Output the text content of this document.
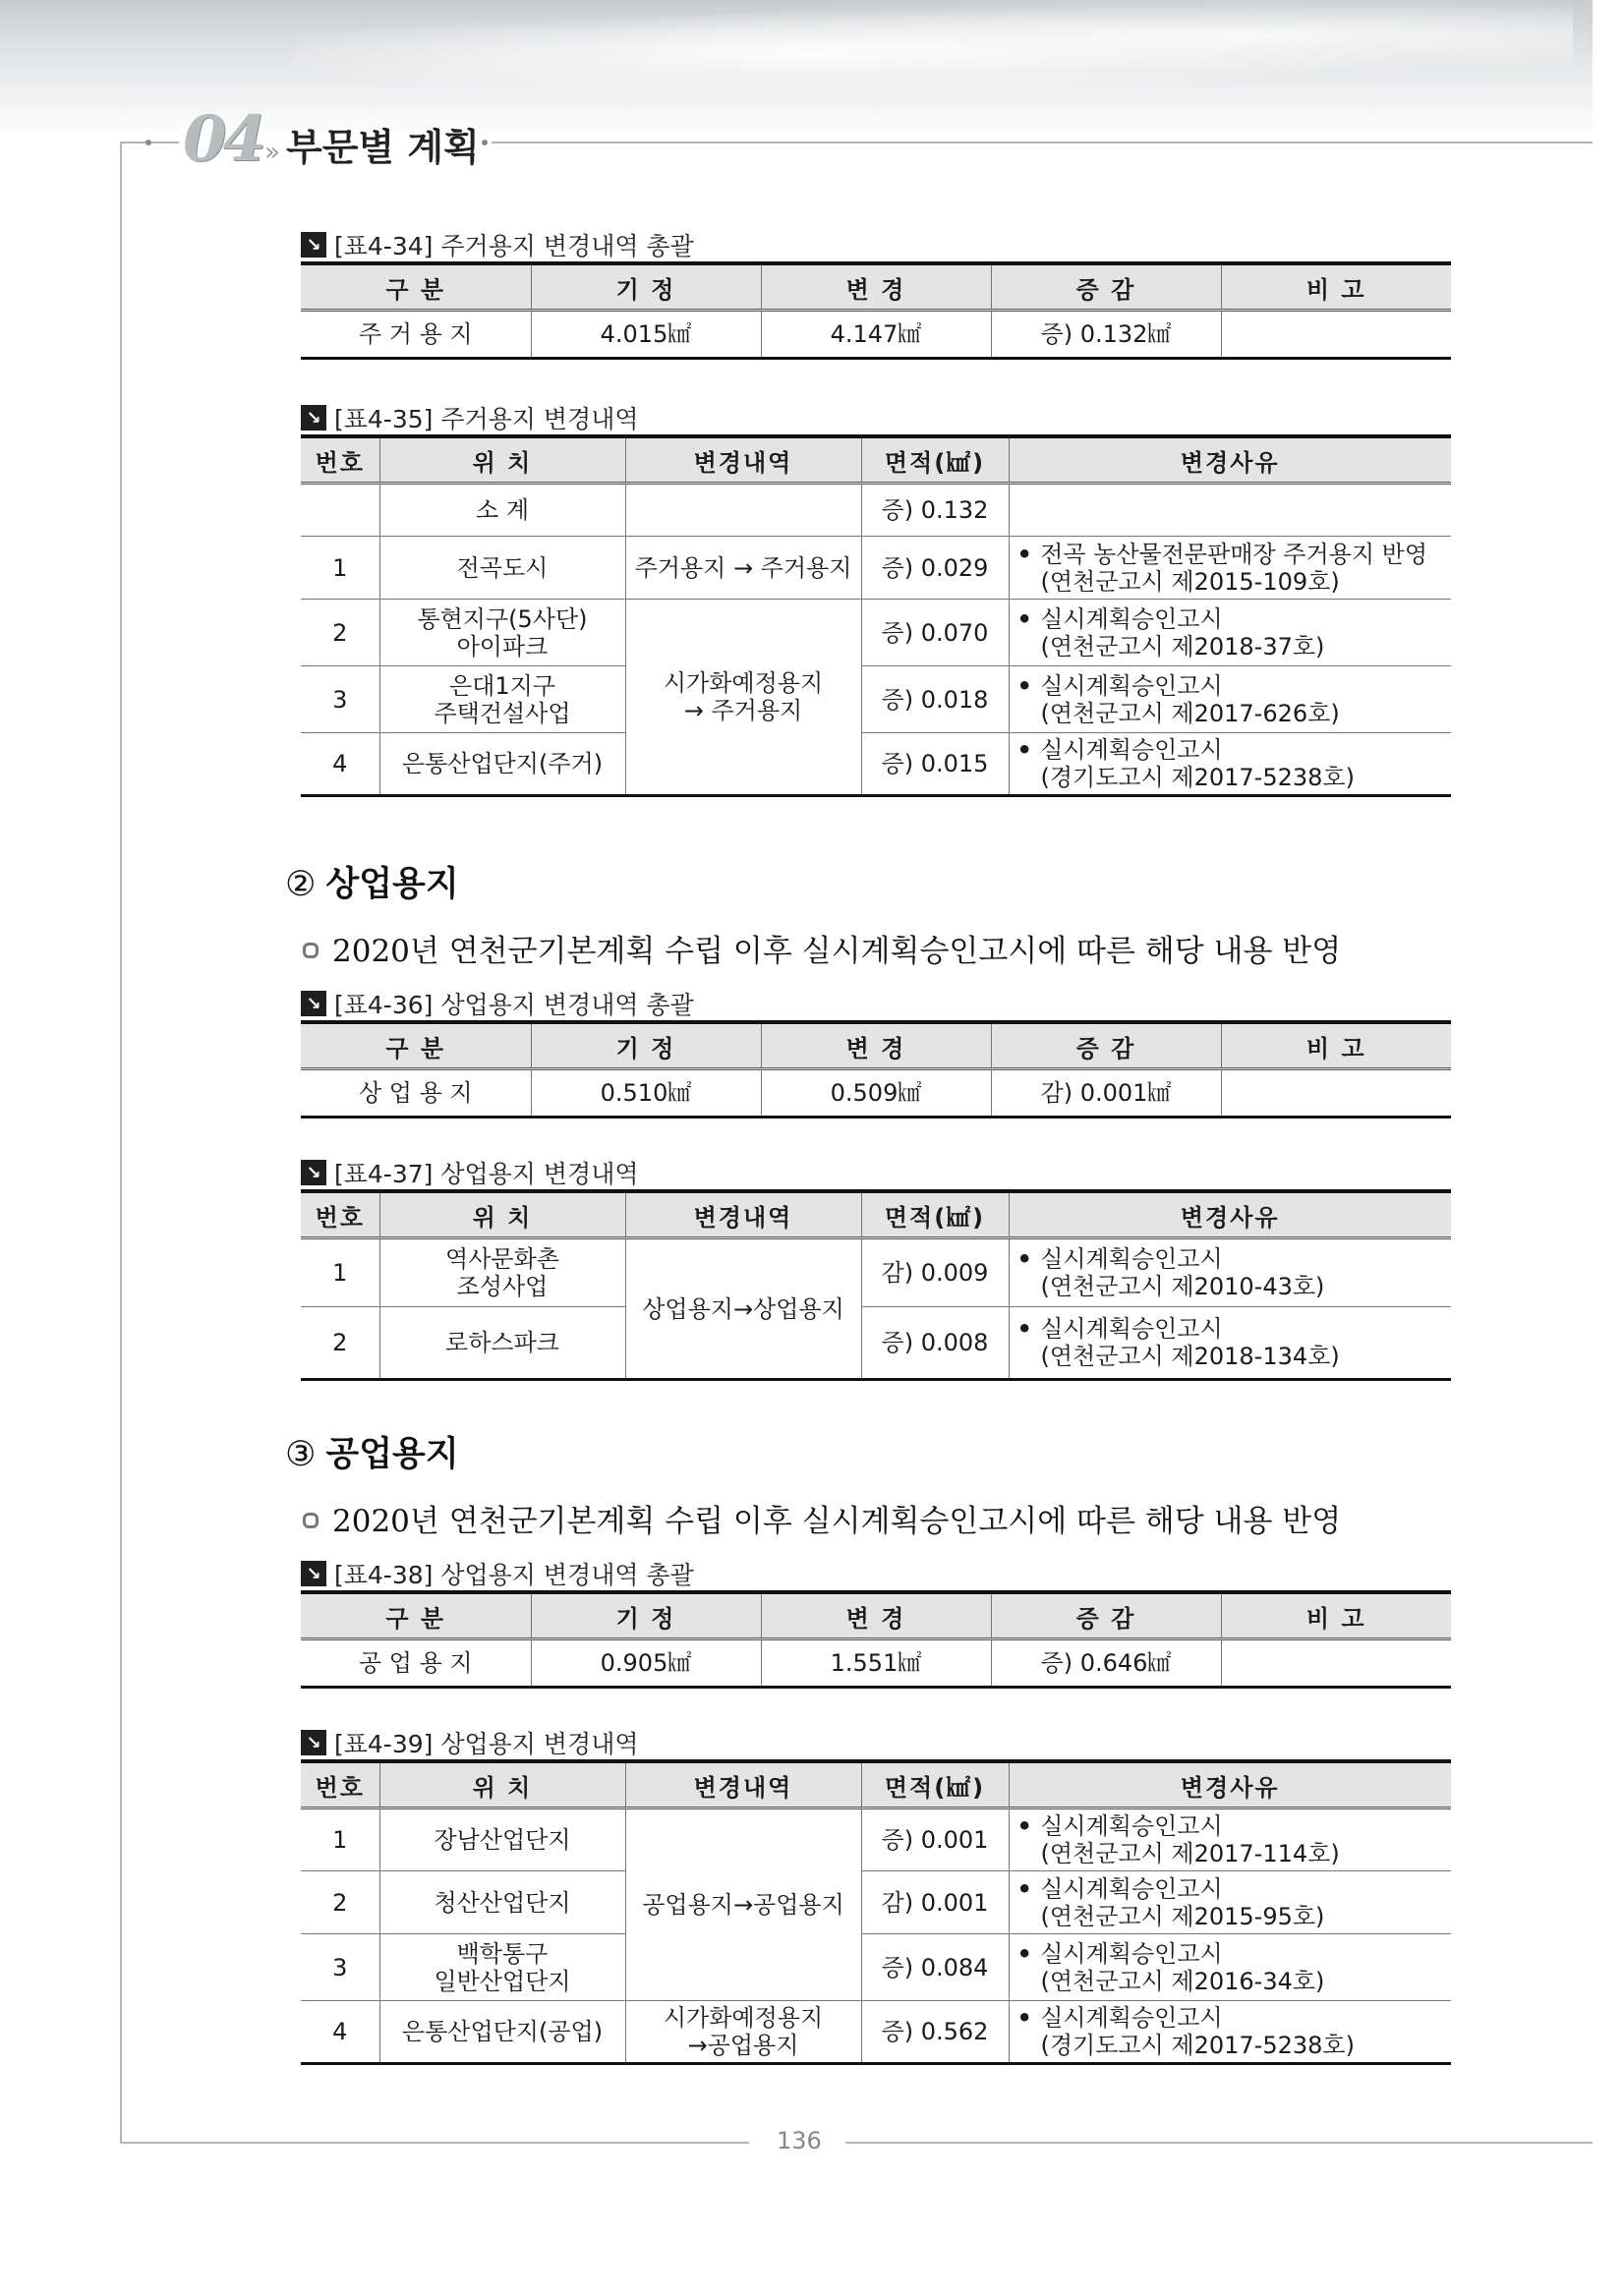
04 » 부문별 계획
↘ [표4-34] 주거용지 변경내역 총괄
구 분	기 정	변 경	증 감	비 고
주 거 용 지	4.015㎢	4.147㎢	증) 0.132㎢	
↘ [표4-35] 주거용지 변경내역
번호	위 치	변경내역	면적(㎢)	변경사유
	소 계		증) 0.132	
1	전곡도시	주거용지 → 주거용지	증) 0.029	• 전곡 농산물전문판매장 주거용지 반영
(연천군고시 제2015-109호)

2	통현지구(5사단)
아이파크	시가화예정용지
→ 주거용지	증) 0.070	• 실시계획승인고시
(연천군고시 제2018-37호)

3	은대1지구
주택건설사업		증) 0.018	• 실시계획승인고시
(연천군고시 제2017-626호)

4	은통산업단지(주거)		증) 0.015	• 실시계획승인고시
(경기도고시 제2017-5238호)
② 상업용지
2020년 연천군기본계획 수립 이후 실시계획승인고시에 따른 해당 내용 반영
↘ [표4-36] 상업용지 변경내역 총괄
구 분	기 정	변 경	증 감	비 고
상 업 용 지	0.510㎢	0.509㎢	감) 0.001㎢	
↘ [표4-37] 상업용지 변경내역
번호	위 치	변경내역	면적(㎢)	변경사유
1	역사문화촌
조성사업	상업용지→상업용지	감) 0.009	• 실시계획승인고시
(연천군고시 제2010-43호)

2	로하스파크		증) 0.008	• 실시계획승인고시
(연천군고시 제2018-134호)
③ 공업용지
2020년 연천군기본계획 수립 이후 실시계획승인고시에 따른 해당 내용 반영
↘ [표4-38] 상업용지 변경내역 총괄
구 분	기 정	변 경	증 감	비 고
공 업 용 지	0.905㎢	1.551㎢	증) 0.646㎢	
↘ [표4-39] 상업용지 변경내역
번호	위 치	변경내역	면적(㎢)	변경사유
1	장남산업단지	공업용지→공업용지	증) 0.001	• 실시계획승인고시
(연천군고시 제2017-114호)

2	청산산업단지		감) 0.001	• 실시계획승인고시
(연천군고시 제2015-95호)

3	백학통구
일반산업단지		증) 0.084	• 실시계획승인고시
(연천군고시 제2016-34호)

4	은통산업단지(공업)	시가화예정용지
→공업용지	증) 0.562	• 실시계획승인고시
(경기도고시 제2017-5238호)
136
